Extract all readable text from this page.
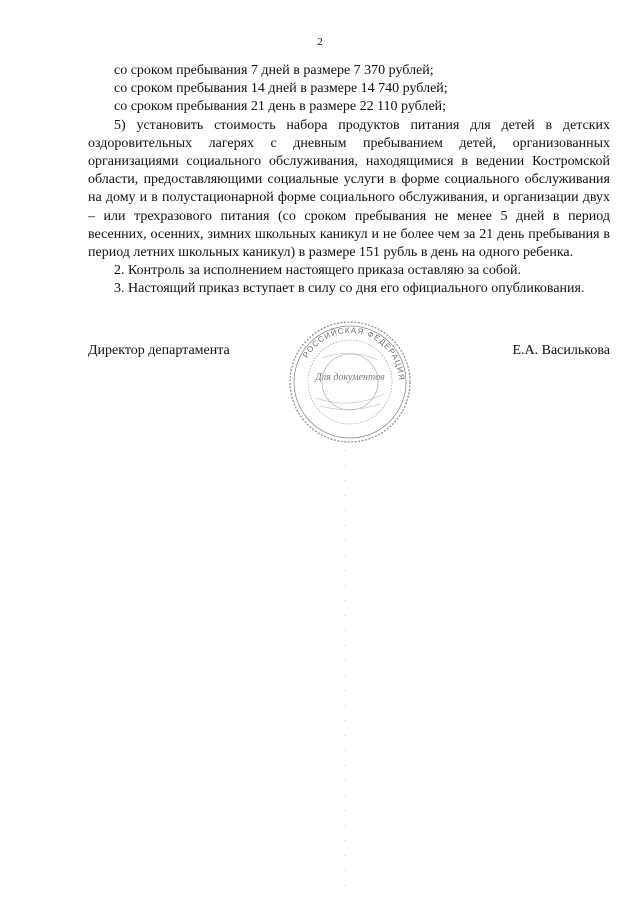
2

со сроком пребывания 7 дней в размере 7 370 рублей;

со сроком пребывания 14 дней в размере 14 740 рублей;

со сроком пребывания 21 день в размере 22 110 рублей;

5) установить стоимость набора продуктов питания для детей в детских оздоровительных лагерях с дневным пребыванием детей, организованных организациями социального обслуживания, находящимися в ведении Костромской области, предоставляющими социальные услуги в форме социального обслуживания на дому и в полустационарной форме социального обслуживания, и организации двух – или трехразового питания (со сроком пребывания не менее 5 дней в период весенних, осенних, зимних школьных каникул и не более чем за 21 день пребывания в период летних школьных каникул) в размере 151 рубль в день на одного ребенка.

2. Контроль за исполнением настоящего приказа оставляю за собой.

3. Настоящий приказ вступает в силу со дня его официального опубликования.

Директор департамента	Е.А. Василькова
РОССИЙСКАЯ ФЕДЕРАЦИЯ
Для документов
